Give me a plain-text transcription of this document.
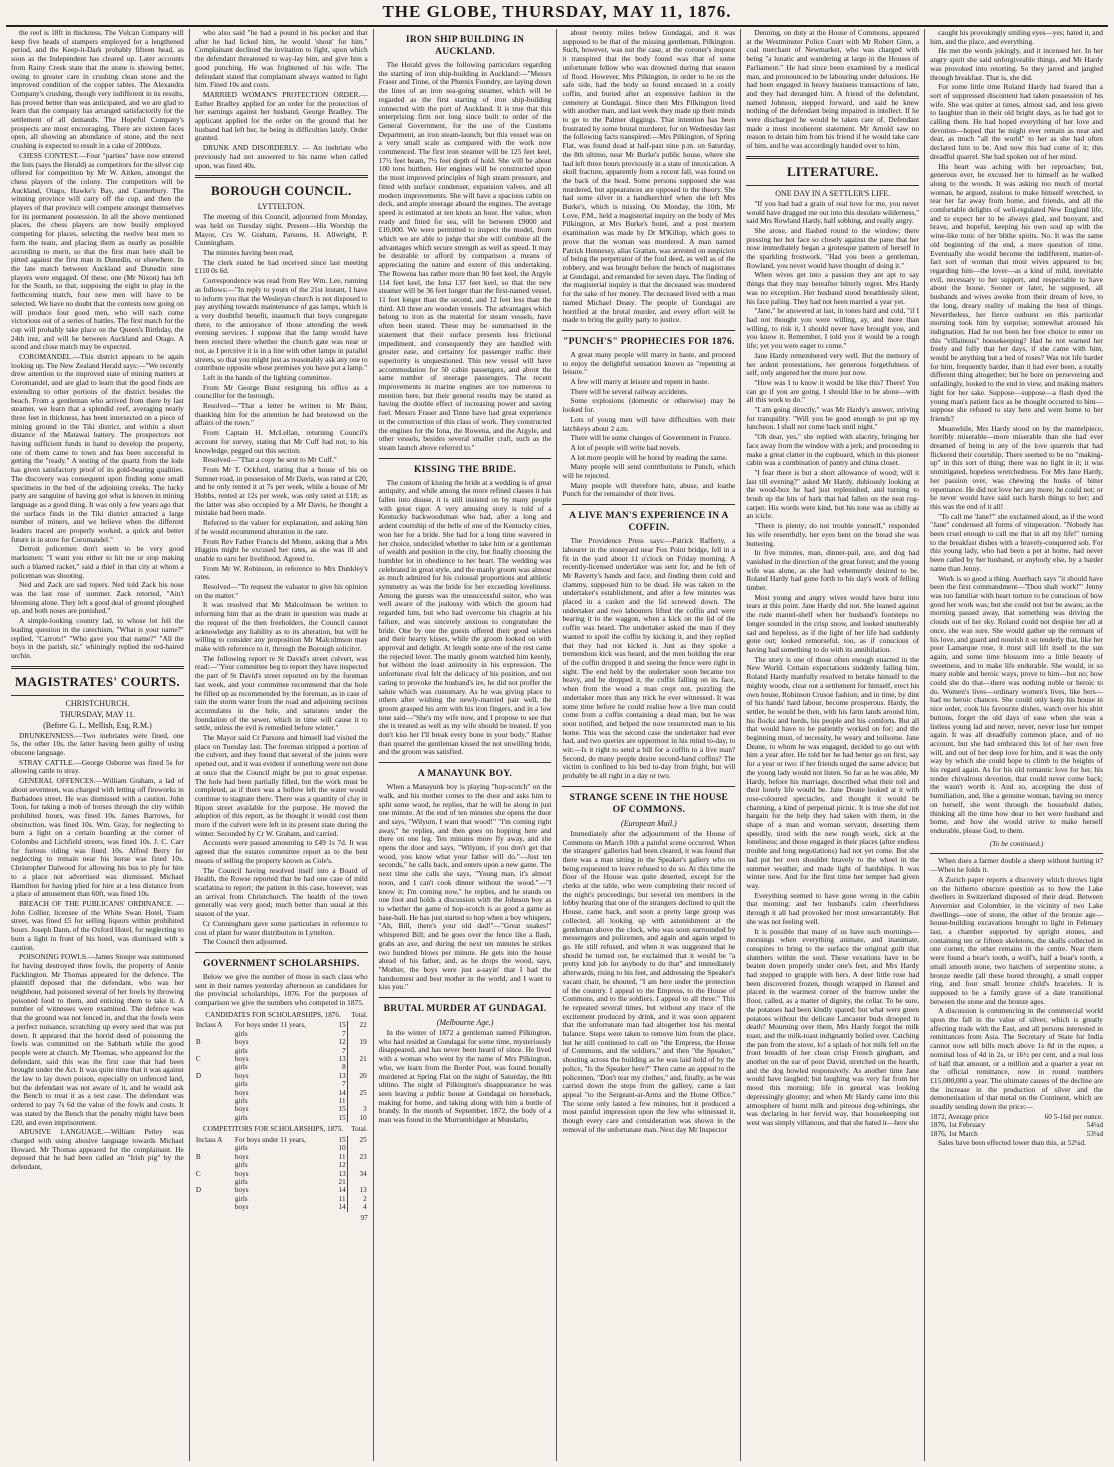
THE GLOBE, THURSDAY, MAY 11, 1876.

the reef is 18ft in thickness. The Vulcan Company will keep five heads of stampers employed for a lengthened period, and the Keep-it-Dark probably fifteen head, as soon as the Independent has cleared up. Later accounts from Rainy Creek state that the stone is showing better, owing to greater care in crushing clean stone and the improved condition of the copper tables. The Alexandra Company's crushing, though very indifferent in its results, has proved better than was anticipated, and we are glad to learn that the company has arranged satisfactorily for the settlement of all demands. The Hopeful Company's prospects are most encouraging. There are sixteen faces open, all showing an abundance of stone, and the next crushing is expected to result in a cake of 2000ozs.

CHESS CONTEST.—Four "parties" have now entered the lists (says the Herald) as competitors for the silver cup offered for competition by Mr W. Aitken, amongst the chess players of the colony. The competitors will be Auckland, Otago, Hawke's Bay, and Canterbury. The winning province will carry off the cup, and then the players of that province will compete amongst themselves for its permanent possession. In all the above mentioned places, the chess players are now busily employed competing for places, selecting the twelve best men to form the team, and placing them as nearly as possible according to merit, so that the first man here shall be pitted against the first man in Dunedin, or elsewhere. In the late match between Auckland and Dunedin nine players were engaged. Of these, one (Mr Nixon) has left for the South, so that, supposing the eight to play in the forthcoming match, four new men will have to be selected. We have no doubt that the contests now going on will produce four good men, who will each come victorious out of a series of battles. The first match for the cup will probably take place on the Queen's Birthday, the 24th inst, and will be between Auckland and Otago. A scond and close match may be expected.

COROMANDEL.—This district appears to be again looking up. The New Zealand Herald says:—"We recently drew attention to the improved state of mining matters at Coromandel, and are glad to learn that the good finds are extending to other portions of the district besides the beach. From a gentleman who arrived from there by last steamer, we learn that a splendid reef, averaging nearly three feet in thickness, has been intersected on a piece of mining ground in the Tiki district, and within a short distance of the Matawai battery. The prospectors not having sufficient funds in hand to develop the property, one of them came to town and has been successful in getting the "ready." A testing of the quartz from the lode has given satisfactory proof of its gold-bearing qualities. The discovery was consequent upon finding some small specimens in the bed of the adjoining creeks. The lucky party are sanguine of having got what is known in mining language as a good thing. It was only a few years ago that the surface finds in the Tiki district attracted a large number of miners, and we believe when the different leaders traced are properly worked, a quick and better future is in store for Coromandel."

Detroit policemen don't seem to be very good marksmen: "I want you either to hit me or stop making such a blamed racket," said a thief in that city at whom a policeman was shooting.

Ned and Zack are sad topers. Ned told Zack his nose was the last rose of summer. Zack retorted, "Ain't blooming alone. They left a good deal of ground ploughed up, and both noses are punished."

A simple-looking country lad, to whose lot fell the leading question in the catechism, "What is your name?" replied, "Carrots!" "Who gave you that name?" "All the boys in the parish, sir," whiningly replied the red-haired urchin.

MAGISTRATES' COURTS.
CHRISTCHURCH.
THURSDAY, MAY 11.
(Before G. L. Mellish, Esq, R.M.)

DRUNKENNESS.—Two inebriates were fined, one 5s, the other 10s, the latter having been guilty of using obscene language.

STRAY CATTLE.—George Osborne was fined 5s for allowing cattle to stray.

GENERAL OFFENCES.—William Graham, a lad of about seventeen, was charged with letting off fireworks in Barbadoes street. He was dismissed with a caution. John Toon, for taking a mob of horses through the city within prohibited hours, was fined 10s. James Barrows, for obstruction, was fined 10s. Wm. Gray, for neglecting to burn a light on a certain hoarding at the corner of Colombo and Lichfield streets, was fined 10s. J. C. Carr for furious riding was fined 10s. Alfred Berry for neglecting to remain near his horse was fined 10s. Christopher Dalwood for allowing his bus to ply for hire to a place not advertised was dismissed. Michael Hamilton for having plied for hire at a less distance from a place of amusement than 60ft, was fined 10s.

BREACH OF THE PUBLICANS' ORDINANCE. —John Collier, licensee of the White Swan Hotel, Tuam street, was fined £5 for selling liquors within prohibited hours. Joseph Dann, of the Oxford Hotel, for neglecting to burn a light in front of his hotel, was dismissed with a caution.

POISONING FOWLS.—James Stoupe was summoned for having destroyed three fowls, the property of Annie Packlington. Mr Thomas appeared for the defence. The plaintiff deposed that the defendant, who was her neighbour, had poisoned several of her fowls by throwing poisoned food to them, and enticing them to take it. A number of witnesses were examined. The defence was that the ground was not fenced in, and that the fowls were a perfect nuisance, scratching up every seed that was put down. It appeared that the horrid deed of poisoning the fowls was committed on the Sabbath while the good people were at church. Mr Thomas, who appeared for the defendant, said this was the first case that had been brought under the Act. It was quite time that it was against the law to lay down poison, especially on unfenced land, but the defendant was not aware of it, and he would ask the Bench to treat it as a test case. The defendant was ordered to pay 7s 6d the value of the fowls and costs. It was stated by the Bench that the penalty might have been £20, and even imprisonment.

ABUSIVE LANGUAGE.—William Petley was charged with using abusive language towards Michael Howard. Mr Thomas appeared for the complainant. He deposed that he had been called an "Irish pig" by the defendant,

who also said "he had a pound in his pocket and that after he had licked him, he would 'shout' for him." Complainant declined the invitation to fight, upon which the defendant threatened to way-lay him, and give him a good punching. He was frightened of his wife. The defendant stated that complainant always wanted to fight him. Fined 10s and costs.

MARRIED WOMAN'S PROTECTION ORDER.—Esther Bradley applied for an order for the protection of her earnings against her husband, George Bradley. The applicant applied for the order on the ground that her husband had left her, he being in difficulties lately. Order granted.

DRUNK AND DISORDERLY. — An inebriate who previously had not answered to his name when called upon, was fined 40s.

BOROUGH COUNCIL.
LYTTELTON.

The meeting of this Council, adjourned from Monday, was held on Tuesday night. Present—His Worship the Mayor, Crs W. Graham, Parsons, H. Allwright, P. Cunningham.

The minutes having been read,

The clerk stated he had received since last meeting £110 0s 6d.

Correspondence was read from Rev Wm. Lee, running as follows:—"In reply to yours of the 21st instant, I have to inform you that the Wesleyan church is not disposed to pay anything towards maintenance of gas lamps, which is a very doubtful benefit, inasmuch that boys congregate there, to the annoyance of those attending the week evening services. I suppose that the lamp would have been erected there whether the church gate was near or not, as I perceive it is in a line with other lamps in parallel streets, so that you might just as reasonably ask any one to contribute opposite whose premises you have put a lamp."

Left in the hands of the lighting committee.

From Mr George Buist resigning his office as a councillor for the borough.

Resolved—"That a letter be written to Mr Buist, thanking him for the attention he had bestowed on the affairs of the town."

From Captain H. McLellan, returning Council's account for survey, stating that Mr Cuff had not, to his knowledge, pegged out this section.

Resolved—"That a copy be sent to Mr Cuff."

From Mr T. Ockford, stating that a house of his on Sumner road, in possession of Mr Davis, was rated at £20, and he only rented it at 7s per week, while a house of Mr Hobbs, rented at 12s per week, was only rated at £18; as the latter was also occupied by a Mr Davis, he thought a mistake had been made.

Referred to the valuer for explanation, and asking him if he would recommend alteration in the rate.

From Rev Father Francis del Monte, asking that a Mrs Higgins might be excused her rates, as she was ill and unable to earn her livelihood. Agreed to.

From Mr W. Robinson, in reference to Mrs Dunkley's rates.

Resolved—"To request the valuator to give his opinion on the matter."

It was resolved that Mr Malcolmson be written to informing him that as the drain in question was made at the request of the then freeholders, the Council cannot acknowledge any liability as to its alteration, but will be willing to consider any proposition Mr Malcolmson may make with reference to it, through the Borough solicitor.

The following report re St David's street culvert, was read:—"Your committee beg to report they have inspected the part of St David's street reported on by the foreman last week, and your committee recommend that the hole be filled up as recommended by the foreman, as in case of rain the storm water from the road and adjoining sections accumulates in the hole, and saturates under the foundation of the sewer, which in time will cause it to settle, unless the evil is remedied before winter."

The Mayor said Cr Parsons and himself had visited the place on Tuesday last. The foreman stripped a portion of the culvert, and they found that several of the joints were opened out, and it was evident if something were not done at once that the Council might be put to great expense. The hole had been partially filled, but the work must be completed, as if there was a hollow left the water would continue to stagnate there. There was a quantity of clay in Ripon street available for the purpose. He moved the adoption of this report, as he thought it would cost them more if the culvert were left in its present state during the winter. Seconded by Cr W. Graham, and carried.

Accounts were passed amounting to £49 1s 7d. It was agreed that the estates committee report as to the best means of selling the property known as Cole's.

The Council having resolved itself into a Board of Health, the Rowse reported that he had one case of mild scarlatina to report; the patient in this case, however, was an arrival from Christchurch. The health of the town generally was very good; much better than usual at this season of the year.

Cr Cunningham gave some particulars in reference to cost of plant for water distribution in Lyttelton.

The Council then adjourned.

GOVERNMENT SCHOLARSHIPS.

Below we give the number of those in each class who sent in their names yesterday afternoon as candidates for the provincial scholarships, 1876. For the purposes of comparison we give the numbers who competed in 1875.

CANDIDATES FOR SCHOLARSHIPS, 1876. Total.
Inclass A	For boys under 11 years,	15	22
	girls	7	
B	boys	12	19
	girls	7	
C	boys	13	21
	girls	8	
D	boys	13	20
	girls	7	
	boys	14	25
	girls	11	
	boys	15	3
	girls	15	10
COMPETITORS FOR SCHOLARSHIPS, 1875. Total.
Inclass A	For boys under 11 years,	15	25
	girls	10	
B	boys	11	23
	girls	12	
C	boys	13	34
	girls	21	
D	boys	14	13
	girls	11	2
	boys	14	4
97
IRON SHIP BUILDING IN AUCKLAND.

The Herald gives the following particulars regarding the starting of iron ship-building in Auckland:—"Messrs Fraser and Tinne, of the Phœnix Foundry, are laying down the lines of an iron sea-going steamer, which will be regarded as the first starting of iron ship-building connected with the port of Auckland. It is true that this enterprising firm not long since built to order of the General Government, for the use of the Customs Department, an iron steam-launch; but this vessel was on a very small scale as compared with the work now commenced. The first iron steamer will be 125 feet keel, 17½ feet beam, 7½ feet depth of hold. She will be about 100 tons burthen. Her engines will be constructed upon the most improved principles of high steam pressure, and fitted with surface condenser, expansion valves, and all modern improvements. She will have a spacious cabin on deck, and ample steerage aboard the engines. The average speed is estimated at ten knots an hour. Her value, when ready and fitted for sea, will be between £9000 and £10,000. We were permitted to inspect the model, from which we are able to judge that she will combine all the advantages which secure strength as well as speed. It may be desirable to afford by comparison a means of appreciating the nature and extent of this undertaking. The Rowena has rather more than 90 feet keel, the Argyle 114 feet keel, the Iona 137 feet keel, so that the new steamer will be 36 feet longer than the first-named vessel, 11 feet longer than the second, and 12 feet less than the third. All three are wooden vessels. The advantages which belong to iron as the material for steam vessels, have often been stated. These may be summarised in the statement that their surface presents less frictional impediment, and consequently they are handled with greater ease, and certainty for passenger traffic their superiority is unquestioned. This new vessel will have accommodation for 50 cabin passengers, and about the same number of steerage passengers. The recent improvements in marine engines are too numerous to mention here, but their general results may be stated as having the double effect of increasing power and saving fuel. Messrs Fraser and Tinne have had great experience in the construction of this class of work. They constructed the engines for the Iona, the Rowena, and the Argyle, and other vessels, besides several smaller craft, such as the steam launch above referred to."

KISSING THE BRIDE.

The custom of kissing the bride at a wedding is of great antiquity, and while among the more refined classes it has fallen into disuse, it is still insisted on by many people with great rigor. A very amusing story is told of a Kentucky backwoodsman who had, after a long and ardent courtship of the belle of one of the Kentucky cities, won her for a bride. She had for a long time wavered in her choice, undecided whether to take him or a gentleman of wealth and position in the city, but finally choosing the humbler lot in obedience to her heart. The wedding was celebrated in great style, and the manly groom was almost as much admired for his colossal proportions and athletic symmetry as was the bride for her exceeding loveliness. Among the guests was the unsuccessful suitor, who was well aware of the jealousy with which the groom had regarded him, but who had overcome his chagrin at his failure, and was sincerely anxious to congratulate the bride. One by one the guests offered their good wishes and their hearty kisses, while the groom looked on with approval and delight. At length some one of the rest came the rejected lover. The manly groom watched him keenly, but without the least animosity in his expression. The unfortunate rival felt the delicacy of his position, and not caring to provoke the husband's ire, he did not proffer the salute which was customary. As he was giving place to others after wishing the newly-married pair well, the groom grasped his arm with his iron fingers, and in a low tone said—"She's my wife now, and I propose to see that she is treated as well as my wife should be treated. If you don't kiss her I'll break every bone in your body." Rather than quarrel the gentleman kissed the not unwilling bride, and the groom was satisfied.

A MANAYUNK BOY.

When a Manayunk boy is playing "hop-scotch" on the walk, and his mother comes to the door and asks him to split some wood, he replies, that he will be along in just one minute. At the end of ten minutes she opens the door and says, "Wilyum, I want that wood!" "I'm coming right away," he replies, and then goes on hopping here and there on one leg. Ten minutes more fly away, and she opens the door and says, "Wilyum, if you don't get that wood, you know what your father will do."—Just ten seconds," he calls back, and enters upon a new game. The next time she calls she says, "Young man, it's almost noon, and I can't cook dinner without the wood."—"I know it; I'm coming now," he replies, and he stands on one foot and holds a discussion with the Johnson boy as to whether the game of hop-scotch is as good a game as base-ball. He has just started to hop when a boy whispers, "Ah, Bill, there's your old dad!"—"Great snakes!" whispered Bill; and he goes over the fence like a flash, grabs an axe, and during the next ten minutes he strikes two hundred blows per minute. He gets into the house ahead of his father, and, as he drops the wood, says, "Mother, the boys were just a-sayin' that I had the handsomest and best mother in the world, and I want to kiss you."

BRUTAL MURDER AT GUNDAGAI.
(Melbourne Age.)

In the winter of 1872 a gentleman named Pilkington, who had resided at Gundagai for some time, mysteriously disappeared, and has never been heard of since. He lived with a woman who went by the name of Mrs Pilkington, who, we learn from the Border Post, was found brutally murdered at Spring Flat on the night of Saturday, the 8th ultimo. The night of Pilkington's disappearance he was seen leaving a public house at Gundagai on horseback, making for home, and taking along with him a bottle of brandy. In the month of September, 1872, the body of a man was found in the Murrumbidgee at Mundarlo,

about twenty miles below Gundagai, and it was supposed to be that of the missing gentleman, Pilkington. Such, however, was not the case, at the coroner's inquest it transpired that the body found was that of some unfortunate fellow who was drowned during that season of flood. However, Mrs Pilkington, in order to be on the safe side, had the body so found encased in a costly coffin, and buried after an expensive fashion in the cemetery at Gundagai. Since then Mrs Pilkington lived with another man, and last week they made up their minds to go to the Palmer diggings. That intention has been frustrated by some brutal murderer, for on Wednesday last the following facts transpired:—Mrs Pilkington, of Spring Flat, was found dead at half-past nine p.m. on Saturday, the 8th ultimo, near Mr Burke's public house, where she had left three hours previously in a state of intoxication. A skull fracture, apparently from a recent fall, was found on the back of the head. Some persons supposed she was murdered, but appearances are opposed to the theory. She had some silver in a handkerchief when she left Mrs Burke's, which is missing. On Monday, the 10th, Mr Love, P.M., held a magisterial inquiry on the body of Mrs Pilkington, at Mrs Burke's hotel, and a post mortem examination was made by Dr M'Killop, which goes to prove that the woman was murdered. A man named Patrick Hennessy, alias Grattan, was arrested on suspicion of being the perpetrator of the foul deed, as well as of the robbery, and was brought before the bench of magistrates at Gundagai, and remanded for seven days. The finding of the magisterial inquiry is that the deceased was murdered for the sake of her money. The deceased lived with a man named Michael Deasy. The people of Gundagai are horrified at the brutal murder, and every effort will be made to bring the guilty party to justice.

"PUNCH'S" PROPHECIES FOR 1876.

A great many people will marry in haste, and proceed to enjoy the delightful sensation known as "repenting at leisure."

A few will marry at leisure and repent in haste.

There will be several railway accidents.

Some explosions (domestic or otherwise) may be looked for.

Lots of young men will have difficulties with their latchkeys about 2 a.m.

There will be some changes of Government in France.

A lot of people will write bad novels.

A lot more people will be bored by reading the same.

Many people will send contributions to Punch, which will be rejected.

Many people will therefore hate, abuse, and loathe Punch for the remainder of their lives.

A LIVE MAN'S EXPERIENCE IN A COFFIN.

The Providence Press says:—Patrick Rafferty, a labourer in the stoneyard near Fox Point bridge, fell in a fit in the yard about 11 o'clock on Friday morning. A recently-licensed undertaker was sent for, and he felt of Mr Raverty's hands and face, and finding them cold and clammy, supposed him to be dead. He was taken to the undertaker's establishment, and after a few minutes was placed in a casket and the lid screwed down. The undertaker and two labourers lifted the coffin and were bearing it to the waggon, when a kick on the lid of the coffin was heard. The undertaker asked the man if they wanted to spoil the coffin by kicking it, and they replied that they had not kicked it. Just as they spoke a tremendous kick was heard, and the men holding the rear of the coffin dropped it and seeing the fence were right in sight. The end held by the undertaker soon became too heavy, and he dropped it, the coffin falling on its face, when from the wood a man crept out, puzzling the undertaker more than any trick he ever witnessed. It was some time before he could realise how a live man could come from a coffin containing a dead man, but he was soon notified, and helped the now resurrected man to his home. This was the second case the undertaker had ever had, and two queries are uppermost in his mind to-day, to wit:—Is it right to send a bill for a coffin to a live man? Second, do many people desire second-hand coffins? The victim is confined to his bed to-day from fright, but will probably be all right in a day or two.

STRANGE SCENE IN THE HOUSE OF COMMONS.
(European Mail.)

Immediately after the adjournment of the House of Commons on March 10th a painful scene occurred. When the strangers' galleries had been cleared, it was found that there was a man sitting in the Speaker's gallery who on being requested to leave refused to do so. At this time the floor of the House was quite deserted, except for the clerks at the table, who were completing their record of the night's proceedings; but several ten members in the lobby hearing that one of the strangers declined to quit the House, came back, and soon a pretty large group was collected, all looking up with astonishment at the gentleman above the clock, who was soon surrounded by messengers and policemen, and again and again urged to go. He still refused, and when it was suggested that he should be turned out, he exclaimed that it would be "a pretty kind job for anybody to do that" and immediately afterwards, rising to his feet, and addressing the Speaker's vacant chair, he shouted, "I am here under the protection of the country. I appeal to the Empress, to the House of Commons, and to the soldiers. I appeal to all three." This he repeated several times, but without any trace of the excitement produced by drink, and it was soon apparent that the unfortunate man had altogether lost his mental balance. Steps were taken to remove him from the place, but he still continued to call on "the Empress, the House of Commons, and the soldiers," and then "the Speaker," shouting across the building as he was laid hold of by the police, "Is the Speaker here?" Then came an appeal to the policemen, "Don't tear my clothes," and, finally, as he was carried down the steps from the gallery, came a last appeal "to the Sergeant-at-Arms and the Home Office." The scene only lasted a few minutes, but it produced a most painful impression upon the few who witnessed it, though every care and consideration was shown in the removal of the unfortunate man. Next day Mr Inspector

Denning, on duty at the House of Commons, appeared at the Westminster Police Court with Mr Robert Ginn, a coal merchant of Newmarket, who was charged with being "a lunatic and wandering at large in the Houses of Parliament." He had since been examined by a medical man, and pronounced to be labouring under delusions. He had been engaged in heavy business transactions of late, and they had deranged him. A friend of the defendant, named Johnson, stepped forward, and said he knew nothing of the defendant being impaired in intellect. If he were discharged he would be taken care of. Defendant made a most incoherent statement. Mr Arnold saw no reason to detain him from his friend if he would take care of him, and he was accordingly handed over to him.

LITERATURE.
ONE DAY IN A SETTLER'S LIFE.

"If you had had a grain of real love for me, you never would have dragged me out into this desolate wilderness," said Mrs Rowland Hardy, half sobbing, and really angry.

She arose, and flashed round to the window; there pressing her hot face so closely against the pane that her nose immediately began a grotesque pattern of herself in the sparkling frostwork. "Had you been a gentleman, Rowland, you never would have thought of doing it."

When wives get into a passion they are apt to say things that they may hereafter bitterly regret. Mrs Hardy was no exception. Her husband stood breathlessly silent, his face paling. They had not been married a year yet.

"Jane," he answered at last, in tones hard and cold, "if I had not thought you were willing, ay, and more than willing, to risk it, I should never have brought you, and you know it. Remember, I told you it would be a rough life; yet you were eager to come."

Jane Hardy remembered very well. But the memory of her ardent protestations, her generous forgetfulness of self, only angered her the more just now.

"How was I to know it would be like this? There! You can go if you are going. I should like to be alone—with all this work to do."

"I am going directly," was Mr Hardy's answer, striving for tranquility. "Will you be good enough to put up my luncheon. I shall not come back until night."

"Oh dear, yes," she replied with alacrity, bringing her face away from the window with a jerk; and proceeding to make a great clatter in the cupboard, which in this pioneer cabin was a combination of pantry and china closet.

"I fear there is but a short allowance of wood; will it last till evening?" asked Mr Hardy, dubiously looking at the wood-box he had just replenished, and turning to brush up the bits of bark that had fallen on the neat rug-carpet. His words were kind, but his tone was as chilly as an icicle.

"There is plenty; do not trouble yourself," responded his wife resentfully, her eyes bent on the bread she was buttering.

In five minutes, man, dinner-pail, axe, and dog had vanished in the direction of the great forest; and the young wife was alone, as she had vehemently desired to be. Roland Hardy had gone forth to his day's work of felling timber.

Most young and angry wives would have burst into tears at this point. Jane Hardy did not. She leaned against the rude mantel-shelf when her husband's footsteps no longer sounded in the crisp snow, and looked unutterably sad and hopeless, as if the light of her life had suddenly gone out; looked remorseful, too, as if conscious of having had something to do with its annihilation.

The story is one of those often enough enacted in the New World. Certain expectations suddenly failing him, Roland Hardy manfully resolved to betake himself to the mighty woods, clear out a settlement for himself, erect his own house, Robinson Crusoe fashion; and in time, by dint of his hands' hard labour, become prosperous. Hardy, the settler, he would be then, with his farm lands around him, his flocks and herds, his people and his comforts. But all that would have to be patiently worked on for; and the beginning must, of necessity, be weary and toilsome. Jane Deane, to whom he was engaged, decided to go out with him a year after. He told her he had better go on first, say for a year or two: if her friends urged the same advice; but the young lady would not listen. So far as he was able, Mr Hardy, before his marriage, described what their toil and their lonely life would be. Jane Deane looked at it with rose-coloured spectacles, and thought it would be charming, a kind of perpetual picnic. It is true she did not bargain for the help they had taken with them, in the shape of a man and woman servant, deserting them speedily, tired with the new rough work, sick at the loneliness; and those engaged in their places (after endless trouble and long negotiations) had not yet come. But she had put her own shoulder bravely to the wheel in the summer weather, and made light of hardships. It was winter now. And for the first time her temper had given way.

Everything seemed to have gone wrong in the cabin that morning; and her husband's calm cheerfulness through it all had provoked her most unwarrantably. But she was not feeling well.

It is possible that many of us have such mornings—mornings when everything animate, and inanimate, conspires to bring to the surface the original guilt that slumbers within the soul. These vexations have to be beaten down properly under one's feet, and Mrs Hardy had stepped to grapple with hers. A deer little rose had been discovered frozen, though wrapped in flannel and placed in the warmest corner of the burrow under the floor, called, as a matter of dignity, the cellar. To be sure, the potatoes had been kindly spared; but what were green potatoes without the delicate Lancaster buds drooped in death? Mourning over them, Mrs Hardy forgot the milk toast, and the milk-toast indignantly boiled over. Catching the pan from the stove, lo! a splash of hot milk fell on the front breadth of her clean crisp French gingham, and another on the ear of poor David, stretched on the hearth, and the dog howled responsively. As another time Jane would have laughed; but laughing was very far from her mood this morning; life in general was looking depressingly gloomy; and when Mr Hardy came into this atmosphere of burnt milk and piteous dog-whinings, she was declaring in her fervid way, that housekeeping out west was simply villanous, and that she hated it—here she

caught his provokingly smiling eyes—yes; hated it, and him, and the place, and everything.

He met the words jokingly, and it incensed her. In her angry spirit she said unforgiveable things, and Mr Hardy was provoked into retorting. So they jarred and jangled through breakfast. That is, she did.

For some little time Roland Hardy had feared that a sort of suppressed discontent had taken possession of his wife. She was quiter at times, almost sad, and less given to laughter than in their old bright days, as he had got to calling them. He had hoped everything of her love and devotion—hoped that he might ever remain as near and dear, as much "all the world" to her as she had often declared him to be. And now this had come of it; this dreadful quarrel. She had spoken out of her mind.

His heart was aching with her reproaches; but, generous ever, he excused her to himself as he walked along to the woods. It was asking too much of mortal woman, he argued, zealous to make himself wretched, to tear her far away from home, and friends, and all the comfortable delights of well-regulated New England life, and to expect her to be always glad, and buoyant, and brave, and hopeful, keeping his own soul up with the wine-like tonic of her blithe spirits. No. It was the same old beginning of the end, a mere question of time. Eventually she would become the indifferent, matter-of-fact sort of woman that most wives appeared to be; regarding him—the lover—as a kind of mild, inevitable evil, necessary to her support, and respectable to have about the house. Sooner or later, he supposed, all husbands and wives awoke from their dream of love, to the long, dreary reality of making the best of things. Nevertheless, her fierce outburst on this particular morning took him by surprise; somewhat aroused his indignation. Had he not been her free choice to enter on this "villainous" housekeeping? Had he not warned her freely and fully that her days, if she came with him, would be anything but a bed of roses? Was not life harder for him, frequently harder, than it had ever been, a totally different thing altogether; but he bore on persevering and unfailingly, looked to the end in view, and making matters light for her sake. Suppose—suppose—a flash dyed the young man's patient face as he thought occurred to him—suppose she refused to stay here and went home to her friends?

Meanwhile, Mrs Hardy stood on by the mantelpiece, horribly miserable—more miserable than she had ever dreamed of being in any of the love quarrels that had flickered their courtship. There seemed to be no "making-up" in this sort of thing; there was no light in it; it was unmitigated, hopeless wretchedness. For Mrs Jane Hardy, her passion over, was chewing the husks of bitter repentance. He did not love her any more; he could not; or he never would have said such harsh things to her; and this was the end of it all!

"To call me 'Jane!'" she exclaimed aloud, as if the word "Jane" condensed all forms of vituperation. "Nobody has been cruel enough to call me that in all my life!" turning to the breakfast dishes with a bravely-conquered sob. For this young lady, who had been a pet at home, had never been called by her husband, or anybody else, by a harder name than Jenny.

Work is so good a thing. Auerbach says "it should have been the first commandment—'Thou shalt work!'" Jenny was too familiar with heart torture to be conscious of how good her work was; but she could not but be aware, as the morning passed away, that something was driving the clouds out of her sky. Roland could not despise her all at once, she was sure. She would gather up the remnant of his love, and guard and nourish it so tenderly that, like her poor Lamarque rose, it must still lift itself to the sun again, and some time blossom into a little beauty of sweetness, and to make life endurable. She would, in so many noble and heroic ways, prove to him—but no; how could she do that—there was nothing noble or heroic to do. Women's lives—ordinary women's lives, like hers—had no heroic chances. She could only keep his house in nice order, cook his favourite dishes, watch over his shirt buttons, forget the old days of ease when she was a listless young lad and never, never, never lose her temper again. It was all dreadfully common place, and of no account, but she had embraced this lot of her own free will, and out of her deep love for him, and it was the only way by which she could hope to climb to the heights of his regard again. As for his old romantic love for her, his tender chivalrous devotion, that could never come back; the wasn't worth it. And so, accepting the dust of humiliation, and, like a genuine woman, having no mercy on herself, she went through the household duties, thinking all the time how dear to her were husband and home, and how she would strive to make herself endurable, please God, to them.

(To be continued.)

When does a farmer double a sheep without hurting it?—When he folds it.

A Zurich paper reports a discovery which throws light on the hitherto obscure question as to how the Lake dwellers in Switzerland disposed of their dead. Between Auvernier and Colombier, in the vicinity of two Lake dwellings—one of stone, the other of the bronze age—house-building excavations brought to light in February last, a chamber supported by upright stones, and containing ten or fifteen skeletons, the skulls collected in one corner, the other remains in the centre. Near them were found a bear's tooth, a wolf's, half a boar's tooth, a small smooth stone, two hatchets of serpentine stone, a bronze needle (all these bored through), a small copper ring, and four small bronze child's bracelets. It is supposed to be a family grave of a date transitional between the stone and the bronze ages.

A discussion is commencing in the commercial world upon the fall in the value of silver, which is greatly affecting trade with the East, and all persons interested in remittances from Asia. The Secretary of State for India cannot now sell bills much above 1s 8d in the rupee, a nominal loss of 4d in 2s, or 16½ per cent, and a real loss of half that amount, or a million and a quarter a year on the official remittance, now in round numbers £15,000,000 a year. The ultimate causes of the decline are the increase in the production of silver and the demonetisation of that metal on the Continent, which are steadily sending down the price:—

1872, Average price	60 5-16d per ounce.
1876, 1st February	54¼d
1876, 1st March	53¼d

Sales have been effected lower than this, at 52¼d.
